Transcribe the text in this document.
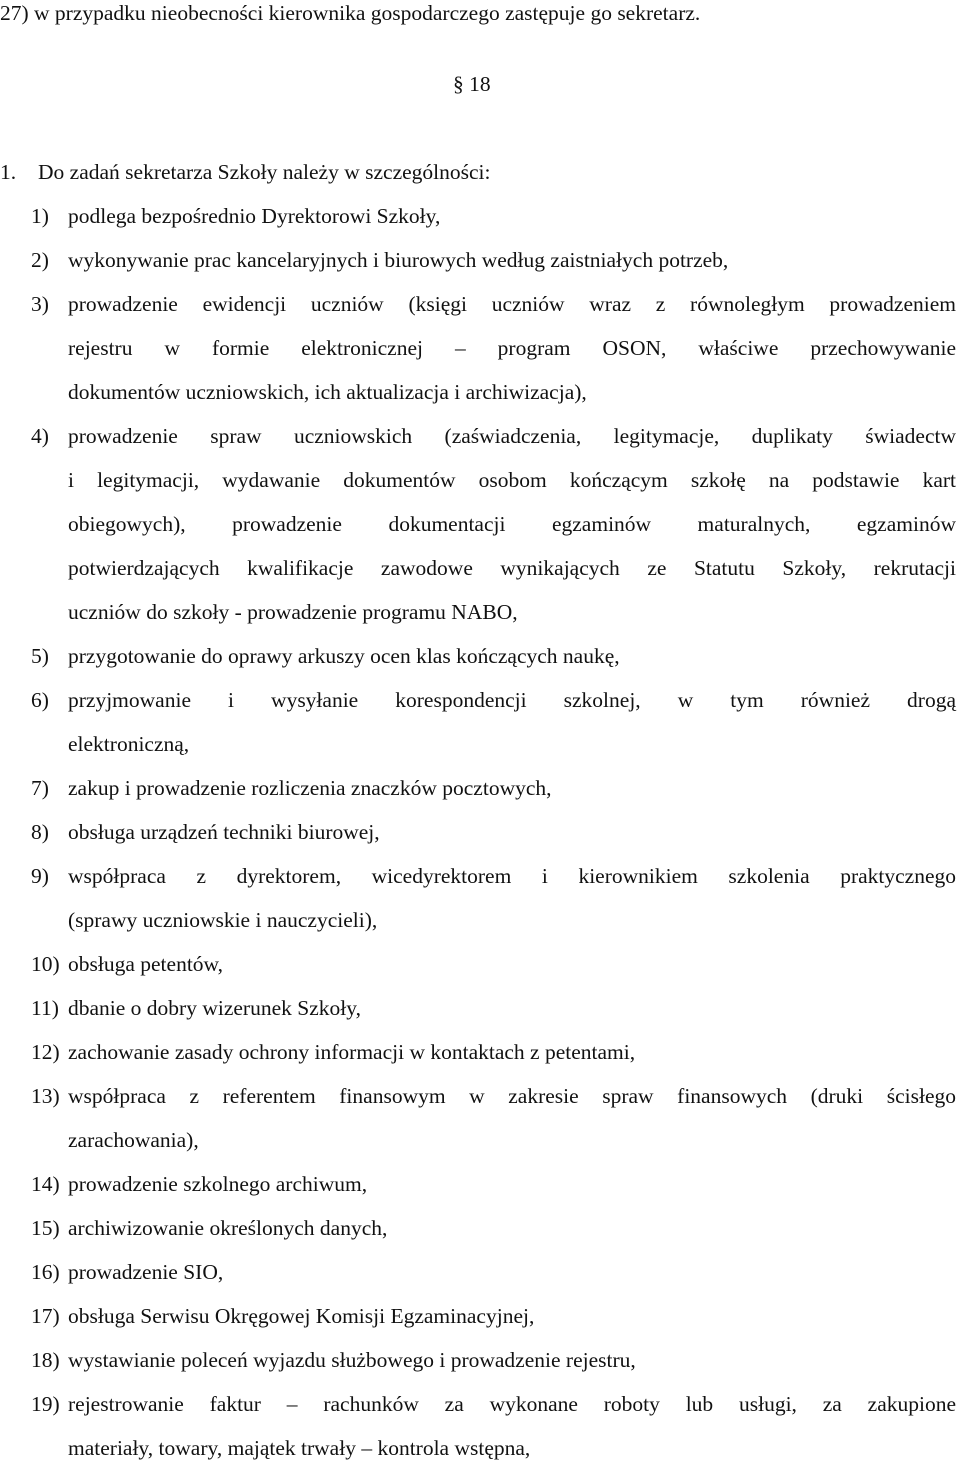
27) w przypadku nieobecności kierownika gospodarczego zastępuje go sekretarz.
§ 18
1. Do zadań sekretarza Szkoły należy w szczególności:
1) podlega bezpośrednio Dyrektorowi Szkoły,
2) wykonywanie prac kancelaryjnych i biurowych według zaistniałych potrzeb,
3) prowadzenie ewidencji uczniów (księgi uczniów wraz z równoległym prowadzeniem
rejestru w formie elektronicznej – program OSON, właściwe przechowywanie
dokumentów uczniowskich, ich aktualizacja i archiwizacja),
4) prowadzenie spraw uczniowskich (zaświadczenia, legitymacje, duplikaty świadectw
i legitymacji, wydawanie dokumentów osobom kończącym szkołę na podstawie kart
obiegowych), prowadzenie dokumentacji egzaminów maturalnych, egzaminów
potwierdzających kwalifikacje zawodowe wynikających ze Statutu Szkoły, rekrutacji
uczniów do szkoły - prowadzenie programu NABO,
5) przygotowanie do oprawy arkuszy ocen klas kończących naukę,
6) przyjmowanie i wysyłanie korespondencji szkolnej, w tym również drogą
elektroniczną,
7) zakup i prowadzenie rozliczenia znaczków pocztowych,
8) obsługa urządzeń techniki biurowej,
9) współpraca z dyrektorem, wicedyrektorem i kierownikiem szkolenia praktycznego
(sprawy uczniowskie i nauczycieli),
10) obsługa petentów,
11) dbanie o dobry wizerunek Szkoły,
12) zachowanie zasady ochrony informacji w kontaktach z petentami,
13) współpraca z referentem finansowym w zakresie spraw finansowych (druki ścisłego
zarachowania),
14) prowadzenie szkolnego archiwum,
15) archiwizowanie określonych danych,
16) prowadzenie SIO,
17) obsługa Serwisu Okręgowej Komisji Egzaminacyjnej,
18) wystawianie poleceń wyjazdu służbowego i prowadzenie rejestru,
19) rejestrowanie faktur – rachunków za wykonane roboty lub usługi, za zakupione
materiały, towary, majątek trwały – kontrola wstępna,
